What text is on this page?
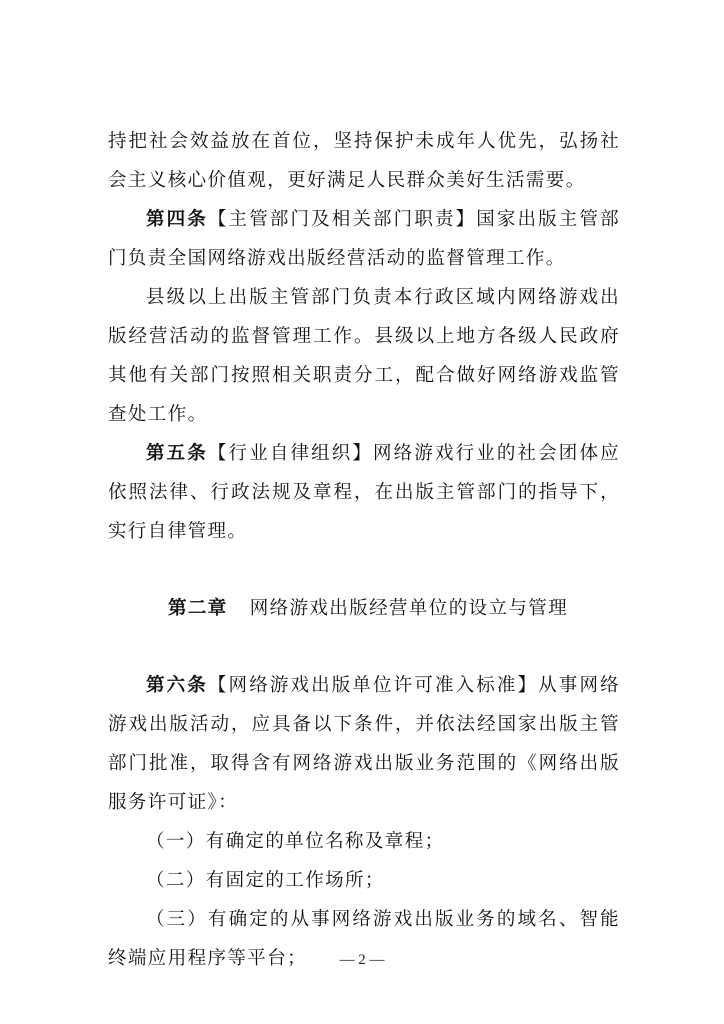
持把社会效益放在首位，坚持保护未成年人优先，弘扬社会主义核心价值观，更好满足人民群众美好生活需要。

第四条【主管部门及相关部门职责】国家出版主管部门负责全国网络游戏出版经营活动的监督管理工作。

县级以上出版主管部门负责本行政区域内网络游戏出版经营活动的监督管理工作。县级以上地方各级人民政府其他有关部门按照相关职责分工，配合做好网络游戏监管查处工作。

第五条【行业自律组织】网络游戏行业的社会团体应依照法律、行政法规及章程，在出版主管部门的指导下，实行自律管理。

第二章 网络游戏出版经营单位的设立与管理

第六条【网络游戏出版单位许可准入标准】从事网络游戏出版活动，应具备以下条件，并依法经国家出版主管部门批准，取得含有网络游戏出版业务范围的《网络出版服务许可证》：

（一）有确定的单位名称及章程；

（二）有固定的工作场所；

（三）有确定的从事网络游戏出版业务的域名、智能终端应用程序等平台；	— 2 —
